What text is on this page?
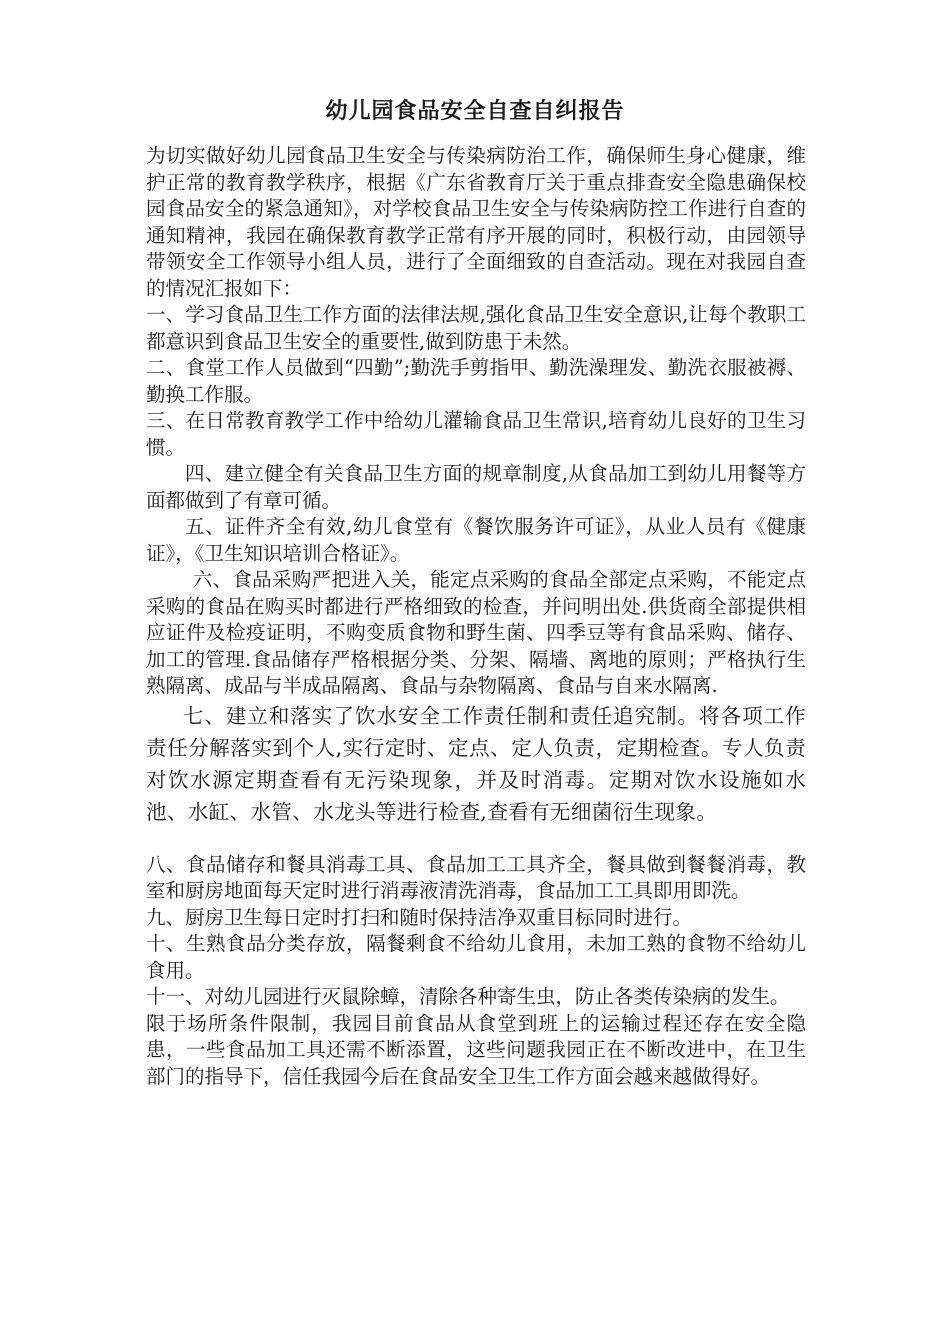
幼儿园食品安全自查自纠报告

为切实做好幼儿园食品卫生安全与传染病防治工作，确保师生身心健康，维护正常的教育教学秩序，根据《广东省教育厅关于重点排查安全隐患确保校园食品安全的紧急通知》，对学校食品卫生安全与传染病防控工作进行自查的通知精神，我园在确保教育教学正常有序开展的同时，积极行动，由园领导带领安全工作领导小组人员，进行了全面细致的自查活动。现在对我园自查的情况汇报如下：

一、学习食品卫生工作方面的法律法规,强化食品卫生安全意识,让每个教职工都意识到食品卫生安全的重要性,做到防患于未然。

二、食堂工作人员做到“四勤”;勤洗手剪指甲、勤洗澡理发、勤洗衣服被褥、勤换工作服。

三、在日常教育教学工作中给幼儿灌输食品卫生常识,培育幼儿良好的卫生习惯。

四、建立健全有关食品卫生方面的规章制度,从食品加工到幼儿用餐等方面都做到了有章可循。

五、证件齐全有效,幼儿食堂有《餐饮服务许可证》，从业人员有《健康证》，《卫生知识培训合格证》。

六、食品采购严把进入关，能定点采购的食品全部定点采购，不能定点采购的食品在购买时都进行严格细致的检查，并问明出处.供货商全部提供相应证件及检疫证明，不购变质食物和野生菌、四季豆等有食品采购、储存、加工的管理.食品储存严格根据分类、分架、隔墙、离地的原则；严格执行生熟隔离、成品与半成品隔离、食品与杂物隔离、食品与自来水隔离.

七、建立和落实了饮水安全工作责任制和责任追究制。将各项工作责任分解落实到个人,实行定时、定点、定人负责，定期检查。专人负责对饮水源定期查看有无污染现象，并及时消毒。定期对饮水设施如水池、水缸、水管、水龙头等进行检查,查看有无细菌衍生现象。

八、食品储存和餐具消毒工具、食品加工工具齐全，餐具做到餐餐消毒，教室和厨房地面每天定时进行消毒液清洗消毒，食品加工工具即用即洗。

九、厨房卫生每日定时打扫和随时保持洁净双重目标同时进行。

十、生熟食品分类存放，隔餐剩食不给幼儿食用，未加工熟的食物不给幼儿食用。

十一、对幼儿园进行灭鼠除蟑，清除各种寄生虫，防止各类传染病的发生。

限于场所条件限制，我园目前食品从食堂到班上的运输过程还存在安全隐患，一些食品加工具还需不断添置，这些问题我园正在不断改进中，在卫生部门的指导下，信任我园今后在食品安全卫生工作方面会越来越做得好。
